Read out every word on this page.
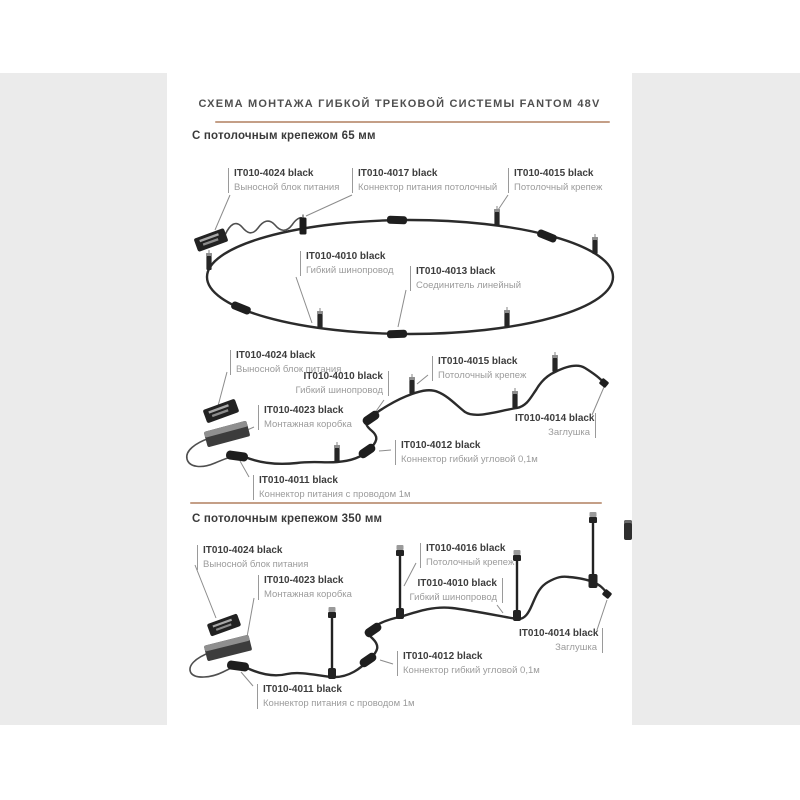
СХЕМА МОНТАЖА ГИБКОЙ ТРЕКОВОЙ СИСТЕМЫ FANTOM 48V
С потолочным крепежом 65 мм
IT010-4024 black
Выносной блок питания
IT010-4017 black
Коннектор питания потолочный
IT010-4015 black
Потолочный крепеж
IT010-4010 black
Гибкий шинопровод IT010-4013 black
Соединитель линейный
IT010-4024 black
Выносной блок питания
IT010-4023 black
Монтажная коробка
IT010-4010 black
Гибкий шинопровод
IT010-4015 black
Потолочный крепеж
IT010-4014 black
Заглушка
IT010-4012 black
Коннектор гибкий угловой 0,1м
IT010-4011 black
Коннектор питания с проводом 1м
С потолочным крепежом 350 мм
IT010-4024 black
Выносной блок питания
IT010-4023 black
Монтажная коробка
IT010-4016 black
Потолочный крепеж
IT010-4010 black
Гибкий шинопровод
IT010-4014 black
Заглушка
IT010-4012 black
Коннектор гибкий угловой 0,1м
IT010-4011 black
Коннектор питания с проводом 1м
